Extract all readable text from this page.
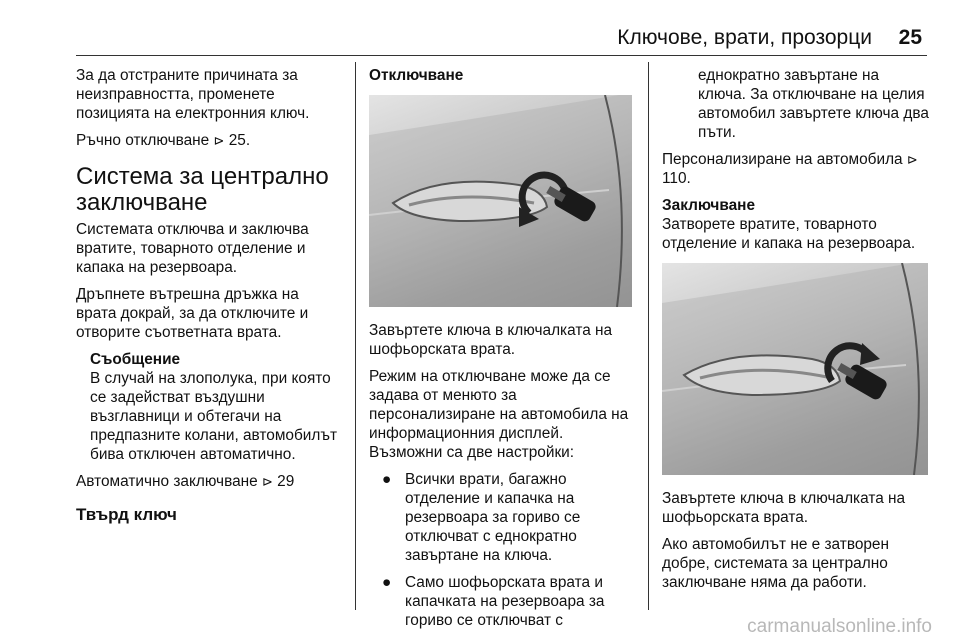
Ключове, врати, прозорци 25

За да отстраните причината за неизправността, променете позицията на електронния ключ.

Ръчно отключване ⊳ 25.

Система за централно заключване

Системата отключва и заключва вратите, товарното отделение и капака на резервоара.

Дръпнете вътрешна дръжка на врата докрай, за да отключите и отворите съответната врата.

Съобщение

В случай на злополука, при която се задействат въздушни възглавници и обтегачи на предпазните колани, автомобилът бива отключен автоматично.

Автоматично заключване ⊳ 29

Твърд ключ
Отключване

Завъртете ключа в ключалката на шофьорската врата.

Режим на отключване може да се задава от менюто за персонализиране на автомобила на информационния дисплей. Възможни са две настройки:

● Всички врати, багажно отделение и капачка на резервоара за гориво се отключват с еднократно завъртане на ключа.
● Само шофьорската врата и капачката на резервоара за гориво се отключват с

еднократно завъртане на ключа. За отключване на целия автомобил завъртете ключа два пъти.

Персонализиране на автомобила ⊳ 110.

Заключване

Затворете вратите, товарното отделение и капака на резервоара.

Завъртете ключа в ключалката на шофьорската врата.

Ако автомобилът не е затворен добре, системата за централно заключване няма да работи.

carmanualsonline.info
